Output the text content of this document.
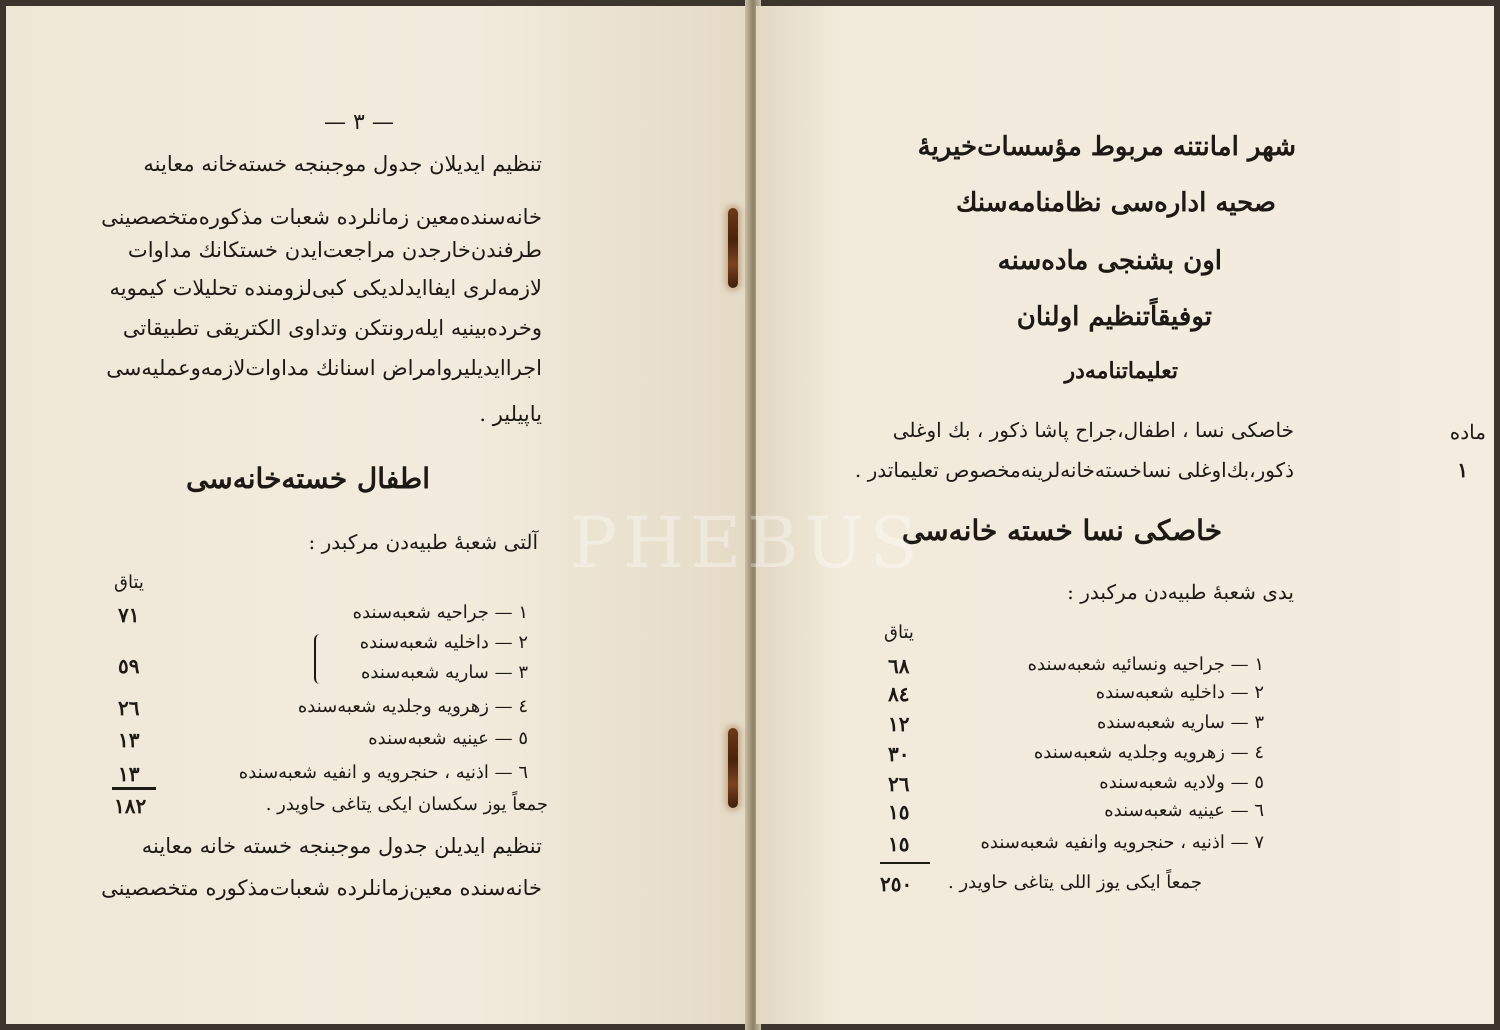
— ٣ —
تنظیم ایدیلان جدول موجبنجه خسته‌خانه معاینه
خانه‌سنده‌معین زمانلرده شعبات مذکوره‌متخصصینی
طرفندن‌خارجدن مراجعت‌ایدن خستکانك مداوات
لازمه‌لری ایفا‌ایدلدیکی کبی‌لزومنده تحلیلات کیمویه
وخرده‌بینیه ایله‌رونتکن وتداوی الکتریقی تطبیقاتی
اجراایدیلیر‌وامراض اسنانك مداوات‌لازمه‌وعملیه‌سی
یاپیلیر .
اطفال خسته‌خانه‌سی
آلتی شعبهٔ طبیه‌دن مرکبدر :
یتاق
١ — جراحیه شعبه‌سنده
٧١
٢ — داخلیه شعبه‌سنده
٣ — ساریه شعبه‌سنده
٥٩
٤ — زهرویه وجلدیه شعبه‌سنده
٢٦
٥ — عینیه شعبه‌سنده
١٣
٦ — اذنیه ، حنجرویه و انفیه شعبه‌سنده
١٣
جمعاً یوز سکسان ایکی یتاغی حاویدر .
١٨٢
تنظیم ایدیلن جدول موجبنجه خسته خانه معاینه
خانه‌سنده معین‌زمانلرده شعبات‌مذکوره متخصصینی
شهر امانتنه مربوط مؤسسات‌خیریهٔ
صحیه اداره‌سی نظامنامه‌سنك
اون بشنجی ماده‌سنه
توفیقاً‌تنظیم اولنان
تعلیماتنامه‌در
ماده
١
خاصکی نسا ، اطفال،جراح پاشا ذکور ، بك اوغلی
ذکور،بك‌اوغلی نساخسته‌خانه‌لرینه‌مخصوص تعلیماتدر .
خاصکی نسا خسته خانه‌سی
یدی شعبهٔ طبیه‌دن مرکبدر :
یتاق
١ — جراحیه ونسائیه شعبه‌سنده
٦٨
٢ — داخلیه شعبه‌سنده
٨٤
٣ — ساریه شعبه‌سنده
١٢
٤ — زهرویه وجلدیه شعبه‌سنده
٣٠
٥ — ولادیه شعبه‌سنده
٢٦
٦ — عینیه شعبه‌سنده
١٥
٧ — اذنیه ، حنجرویه وانفیه شعبه‌سنده
١٥
جمعاً ایکی یوز اللی یتاغی حاویدر .
٢٥٠
PHEBUS
